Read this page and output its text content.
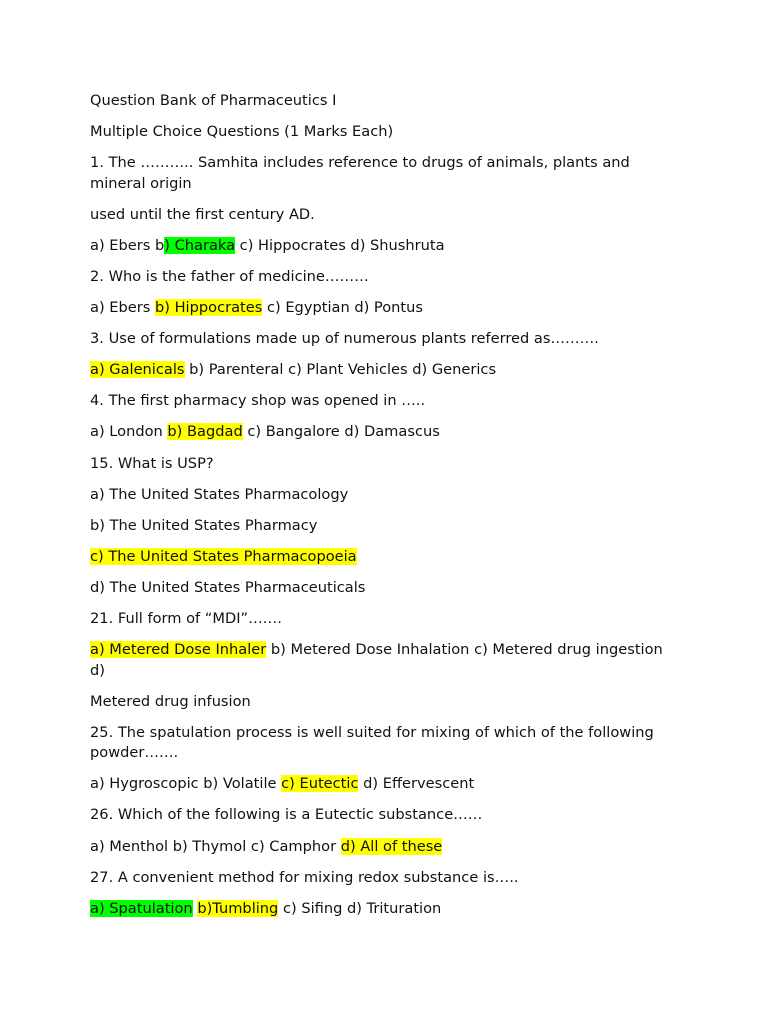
Question Bank of Pharmaceutics I

Multiple Choice Questions (1 Marks Each)

1. The ……….. Samhita includes reference to drugs of animals, plants and mineral origin

used until the first century AD.

a) Ebers b) Charaka c) Hippocrates d) Shushruta

2. Who is the father of medicine………

a) Ebers b) Hippocrates c) Egyptian d) Pontus

3. Use of formulations made up of numerous plants referred as……….

a) Galenicals b) Parenteral c) Plant Vehicles d) Generics

4. The first pharmacy shop was opened in …..

a) London b) Bagdad c) Bangalore d) Damascus

15. What is USP?

a) The United States Pharmacology

b) The United States Pharmacy

c) The United States Pharmacopoeia

d) The United States Pharmaceuticals

21. Full form of “MDI”…….

a) Metered Dose Inhaler b) Metered Dose Inhalation c) Metered drug ingestion d)

Metered drug infusion

25. The spatulation process is well suited for mixing of which of the following powder…….

a) Hygroscopic b) Volatile c) Eutectic d) Effervescent

26. Which of the following is a Eutectic substance……

a) Menthol b) Thymol c) Camphor d) All of these

27. A convenient method for mixing redox substance is…..

a) Spatulation b)Tumbling c) Sifing d) Trituration
